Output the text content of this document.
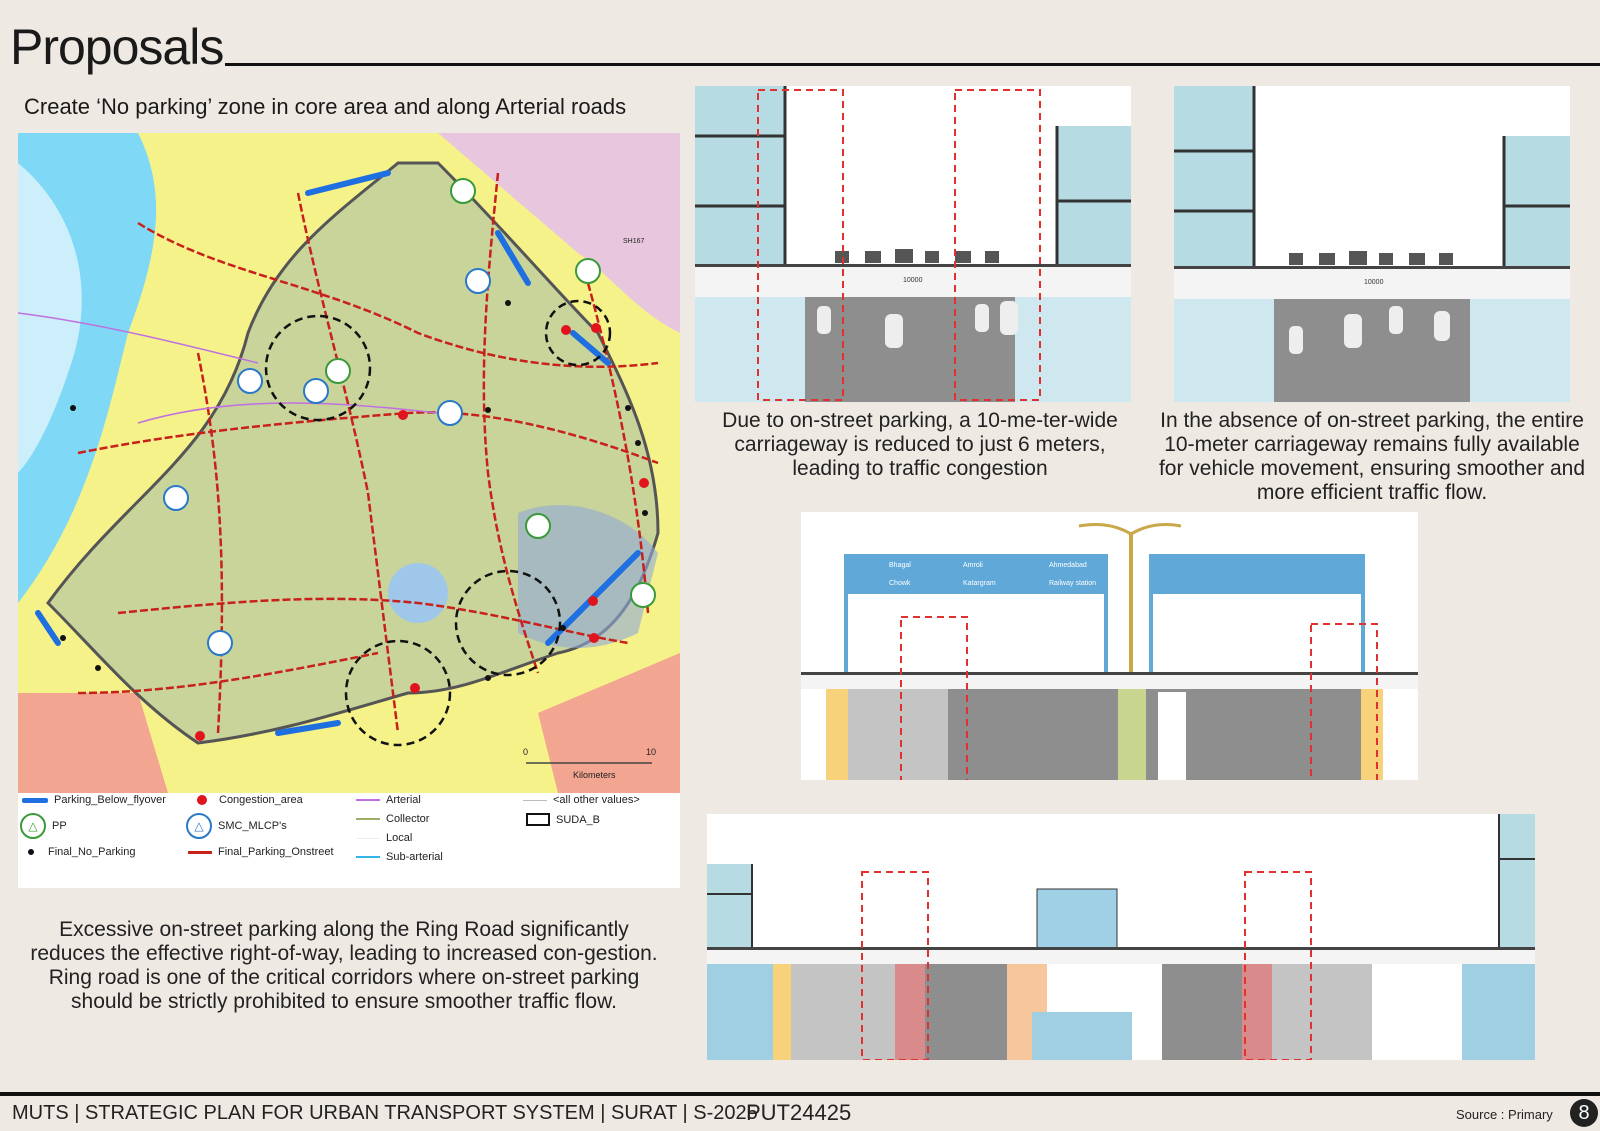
Proposals
Create ‘No parking’ zone in core area and along Arterial roads
SH167
0	10
Kilometers
Parking_Below_flyover	Congestion_area	Arterial	<all other values>
△	PP	△	SMC_MLCP's
Collector	SUDA_B
Final_No_Parking	Final_Parking_Onstreet
Local
Sub-arterial
Excessive on-street parking along the Ring Road significantly reduces the effective right-of-way, leading to increased con-gestion. Ring road is one of the critical corridors where on-street parking should be strictly prohibited to ensure smoother traffic flow.
10000	10000
Due to on-street parking, a 10-me-ter-wide carriageway is reduced to just 6 meters, leading to traffic congestion
In the absence of on-street parking, the entire 10-meter carriageway remains fully available for vehicle movement, ensuring smoother and more efficient traffic flow.
Bhagal
Chowk
Amroli
Katargram
Ahmedabad
Railway station
MUTS | STRATEGIC PLAN FOR URBAN TRANSPORT SYSTEM | SURAT | S-2025
PUT24425	Source : Primary	8
